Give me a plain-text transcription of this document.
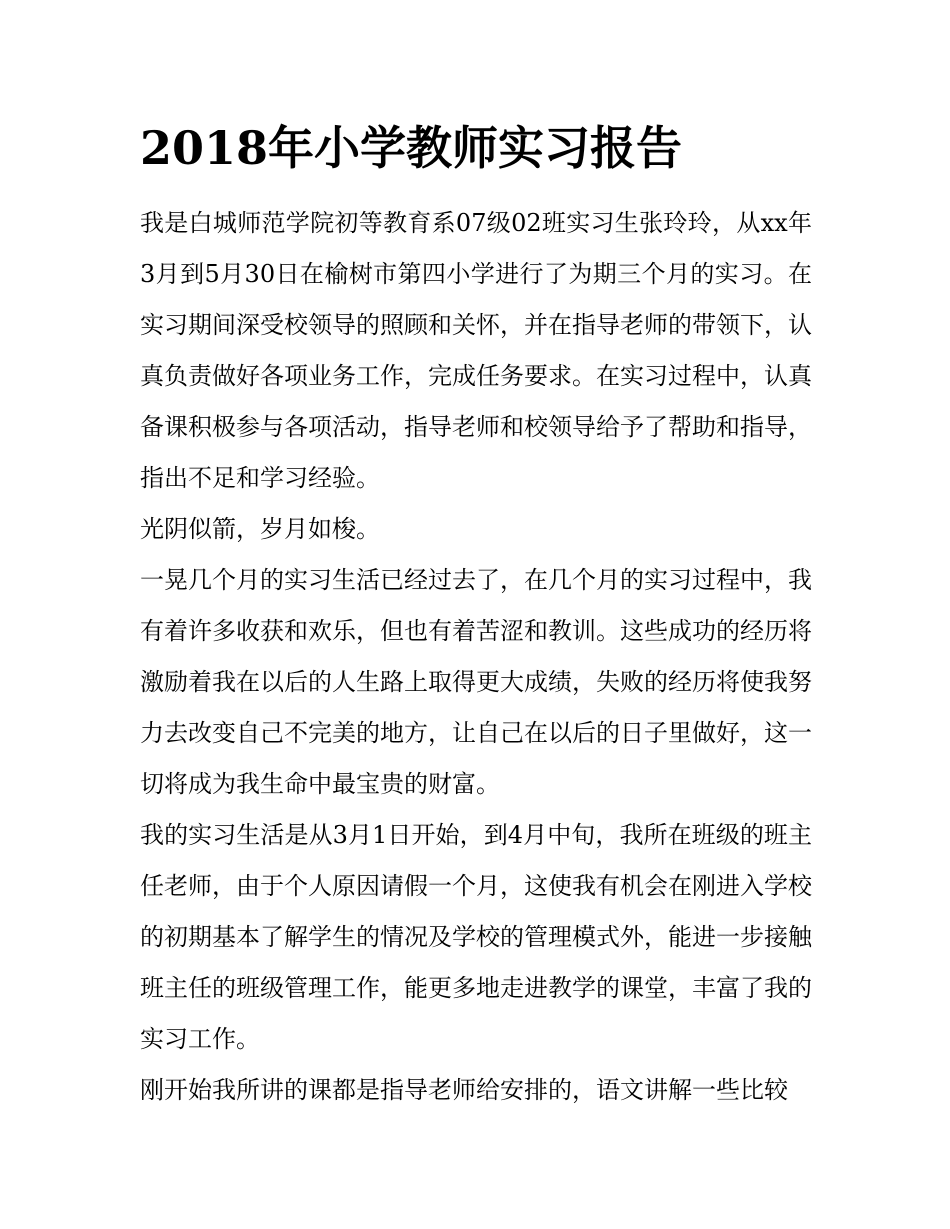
2018年小学教师实习报告

我是白城师范学院初等教育系07级02班实习生张玲玲，从xx年3月到5月30日在榆树市第四小学进行了为期三个月的实习。在实习期间深受校领导的照顾和关怀，并在指导老师的带领下，认真负责做好各项业务工作，完成任务要求。在实习过程中，认真备课积极参与各项活动，指导老师和校领导给予了帮助和指导，指出不足和学习经验。

光阴似箭，岁月如梭。

一晃几个月的实习生活已经过去了，在几个月的实习过程中，我有着许多收获和欢乐，但也有着苦涩和教训。这些成功的经历将激励着我在以后的人生路上取得更大成绩，失败的经历将使我努力去改变自己不完美的地方，让自己在以后的日子里做好，这一切将成为我生命中最宝贵的财富。

我的实习生活是从3月1日开始，到4月中旬，我所在班级的班主任老师，由于个人原因请假一个月，这使我有机会在刚进入学校的初期基本了解学生的情况及学校的管理模式外，能进一步接触班主任的班级管理工作，能更多地走进教学的课堂，丰富了我的实习工作。

刚开始我所讲的课都是指导老师给安排的，语文讲解一些比较
